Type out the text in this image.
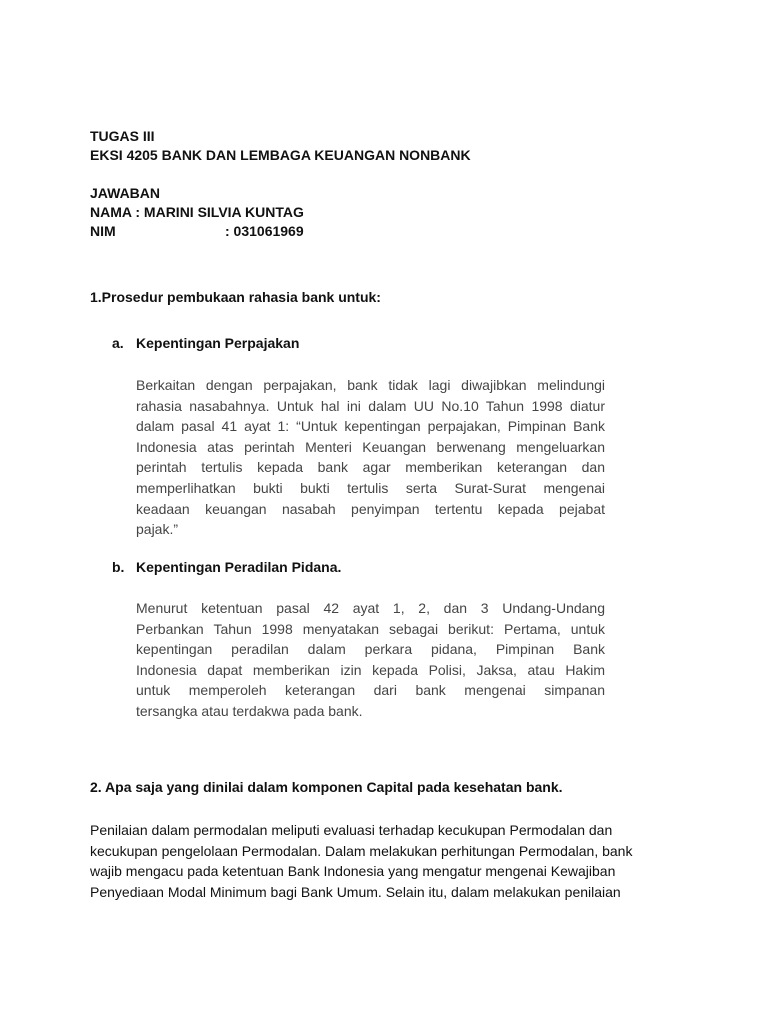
TUGAS III
EKSI 4205 BANK DAN LEMBAGA KEUANGAN NONBANK
JAWABAN
NAMA : MARINI SILVIA KUNTAG
NIM	: 031061969
1.Prosedur pembukaan rahasia bank untuk:
a. Kepentingan Perpajakan
Berkaitan dengan perpajakan, bank tidak lagi diwajibkan melindungi
rahasia nasabahnya. Untuk hal ini dalam UU No.10 Tahun 1998 diatur
dalam pasal 41 ayat 1: “Untuk kepentingan perpajakan, Pimpinan Bank
Indonesia atas perintah Menteri Keuangan berwenang mengeluarkan
perintah tertulis kepada bank agar memberikan keterangan dan
memperlihatkan bukti bukti tertulis serta Surat-Surat mengenai
keadaan keuangan nasabah penyimpan tertentu kepada pejabat
pajak.”
b. Kepentingan Peradilan Pidana.
Menurut ketentuan pasal 42 ayat 1, 2, dan 3 Undang-Undang
Perbankan Tahun 1998 menyatakan sebagai berikut: Pertama, untuk
kepentingan peradilan dalam perkara pidana, Pimpinan Bank
Indonesia dapat memberikan izin kepada Polisi, Jaksa, atau Hakim
untuk memperoleh keterangan dari bank mengenai simpanan
tersangka atau terdakwa pada bank.
2. Apa saja yang dinilai dalam komponen Capital pada kesehatan bank.
Penilaian dalam permodalan meliputi evaluasi terhadap kecukupan Permodalan dan
kecukupan pengelolaan Permodalan. Dalam melakukan perhitungan Permodalan, bank
wajib mengacu pada ketentuan Bank Indonesia yang mengatur mengenai Kewajiban
Penyediaan Modal Minimum bagi Bank Umum. Selain itu, dalam melakukan penilaian
